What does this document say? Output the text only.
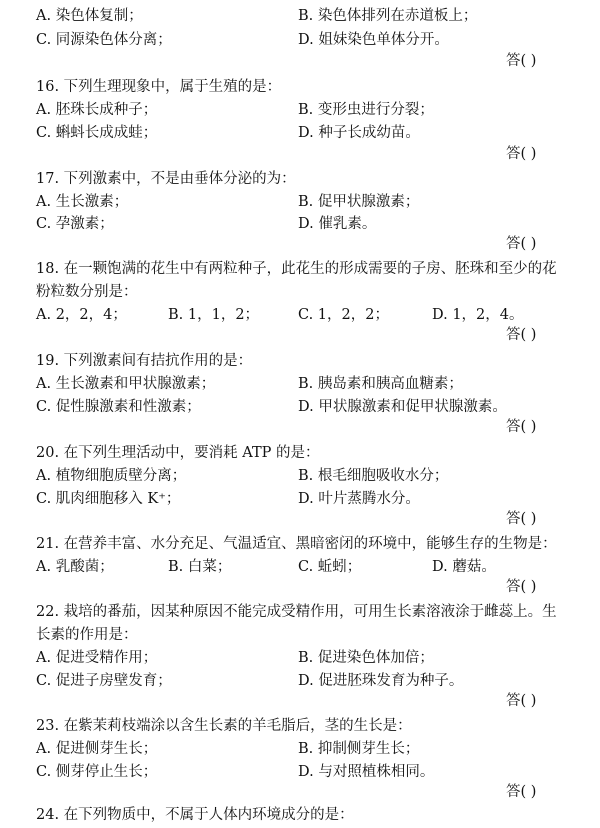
A. 染色体复制；	B. 染色体排列在赤道板上；
C. 同源染色体分离；	D. 姐妹染色单体分开。
答( )
16. 下列生理现象中，属于生殖的是：
A. 胚珠长成种子；	B. 变形虫进行分裂；
C. 蝌蚪长成成蛙；	D. 种子长成幼苗。
答( )
17. 下列激素中，不是由垂体分泌的为：
A. 生长激素；	B. 促甲状腺激素；
C. 孕激素；	D. 催乳素。
答( )
18. 在一颗饱满的花生中有两粒种子，此花生的形成需要的子房、胚珠和至少的花
粉粒数分别是：
A. 2，2，4；	B. 1，1，2；	C. 1，2，2；	D. 1，2，4。
答( )
19. 下列激素间有拮抗作用的是：
A. 生长激素和甲状腺激素；	B. 胰岛素和胰高血糖素；
C. 促性腺激素和性激素；	D. 甲状腺激素和促甲状腺激素。
答( )
20. 在下列生理活动中，要消耗 ATP 的是：
A. 植物细胞质壁分离；	B. 根毛细胞吸收水分；
C. 肌肉细胞移入 K⁺；	D. 叶片蒸腾水分。
答( )
21. 在营养丰富、水分充足、气温适宜、黑暗密闭的环境中，能够生存的生物是：
A. 乳酸菌；	B. 白菜；	C. 蚯蚓；	D. 蘑菇。
答( )
22. 栽培的番茄，因某种原因不能完成受精作用，可用生长素溶液涂于雌蕊上。生
长素的作用是：
A. 促进受精作用；	B. 促进染色体加倍；
C. 促进子房壁发育；	D. 促进胚珠发育为种子。
答( )
23. 在紫茉莉枝端涂以含生长素的羊毛脂后，茎的生长是：
A. 促进侧芽生长；	B. 抑制侧芽生长；
C. 侧芽停止生长；	D. 与对照植株相同。
答( )
24. 在下列物质中，不属于人体内环境成分的是：
